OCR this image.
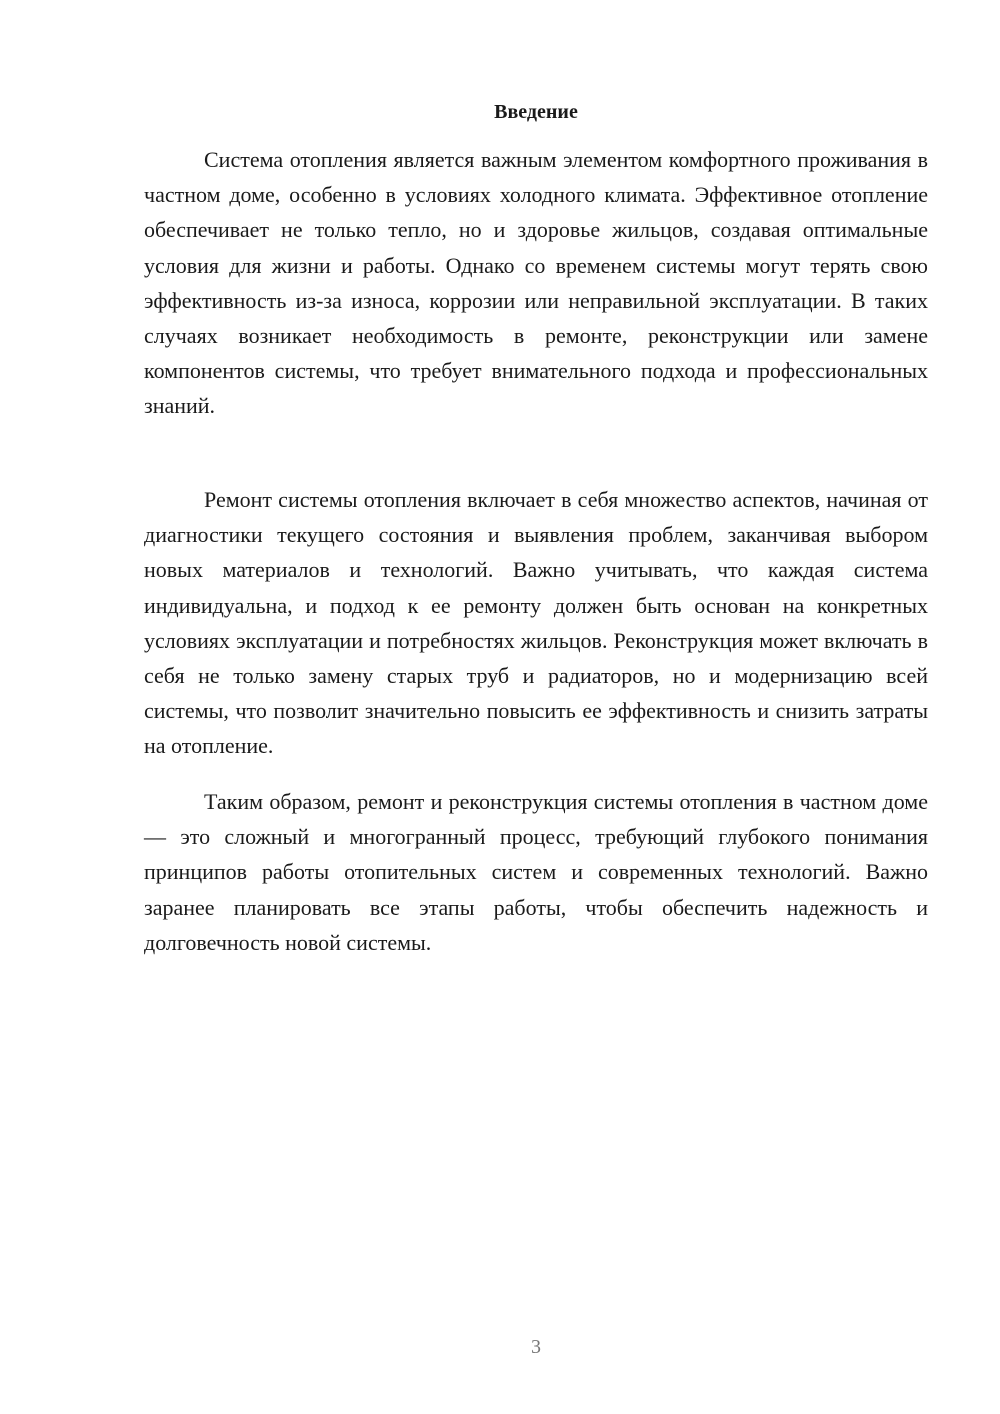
Введение

Система отопления является важным элементом комфортного проживания в частном доме, особенно в условиях холодного климата. Эффективное отопление обеспечивает не только тепло, но и здоровье жильцов, создавая оптимальные условия для жизни и работы. Однако со временем системы могут терять свою эффективность из-за износа, коррозии или неправильной эксплуатации. В таких случаях возникает необходимость в ремонте, реконструкции или замене компонентов системы, что требует внимательного подхода и профессиональных знаний.

Ремонт системы отопления включает в себя множество аспектов, начиная от диагностики текущего состояния и выявления проблем, заканчивая выбором новых материалов и технологий. Важно учитывать, что каждая система индивидуальна, и подход к ее ремонту должен быть основан на конкретных условиях эксплуатации и потребностях жильцов. Реконструкция может включать в себя не только замену старых труб и радиаторов, но и модернизацию всей системы, что позволит значительно повысить ее эффективность и снизить затраты на отопление.

Таким образом, ремонт и реконструкция системы отопления в частном доме — это сложный и многогранный процесс, требующий глубокого понимания принципов работы отопительных систем и современных технологий. Важно заранее планировать все этапы работы, чтобы обеспечить надежность и долговечность новой системы.

3
